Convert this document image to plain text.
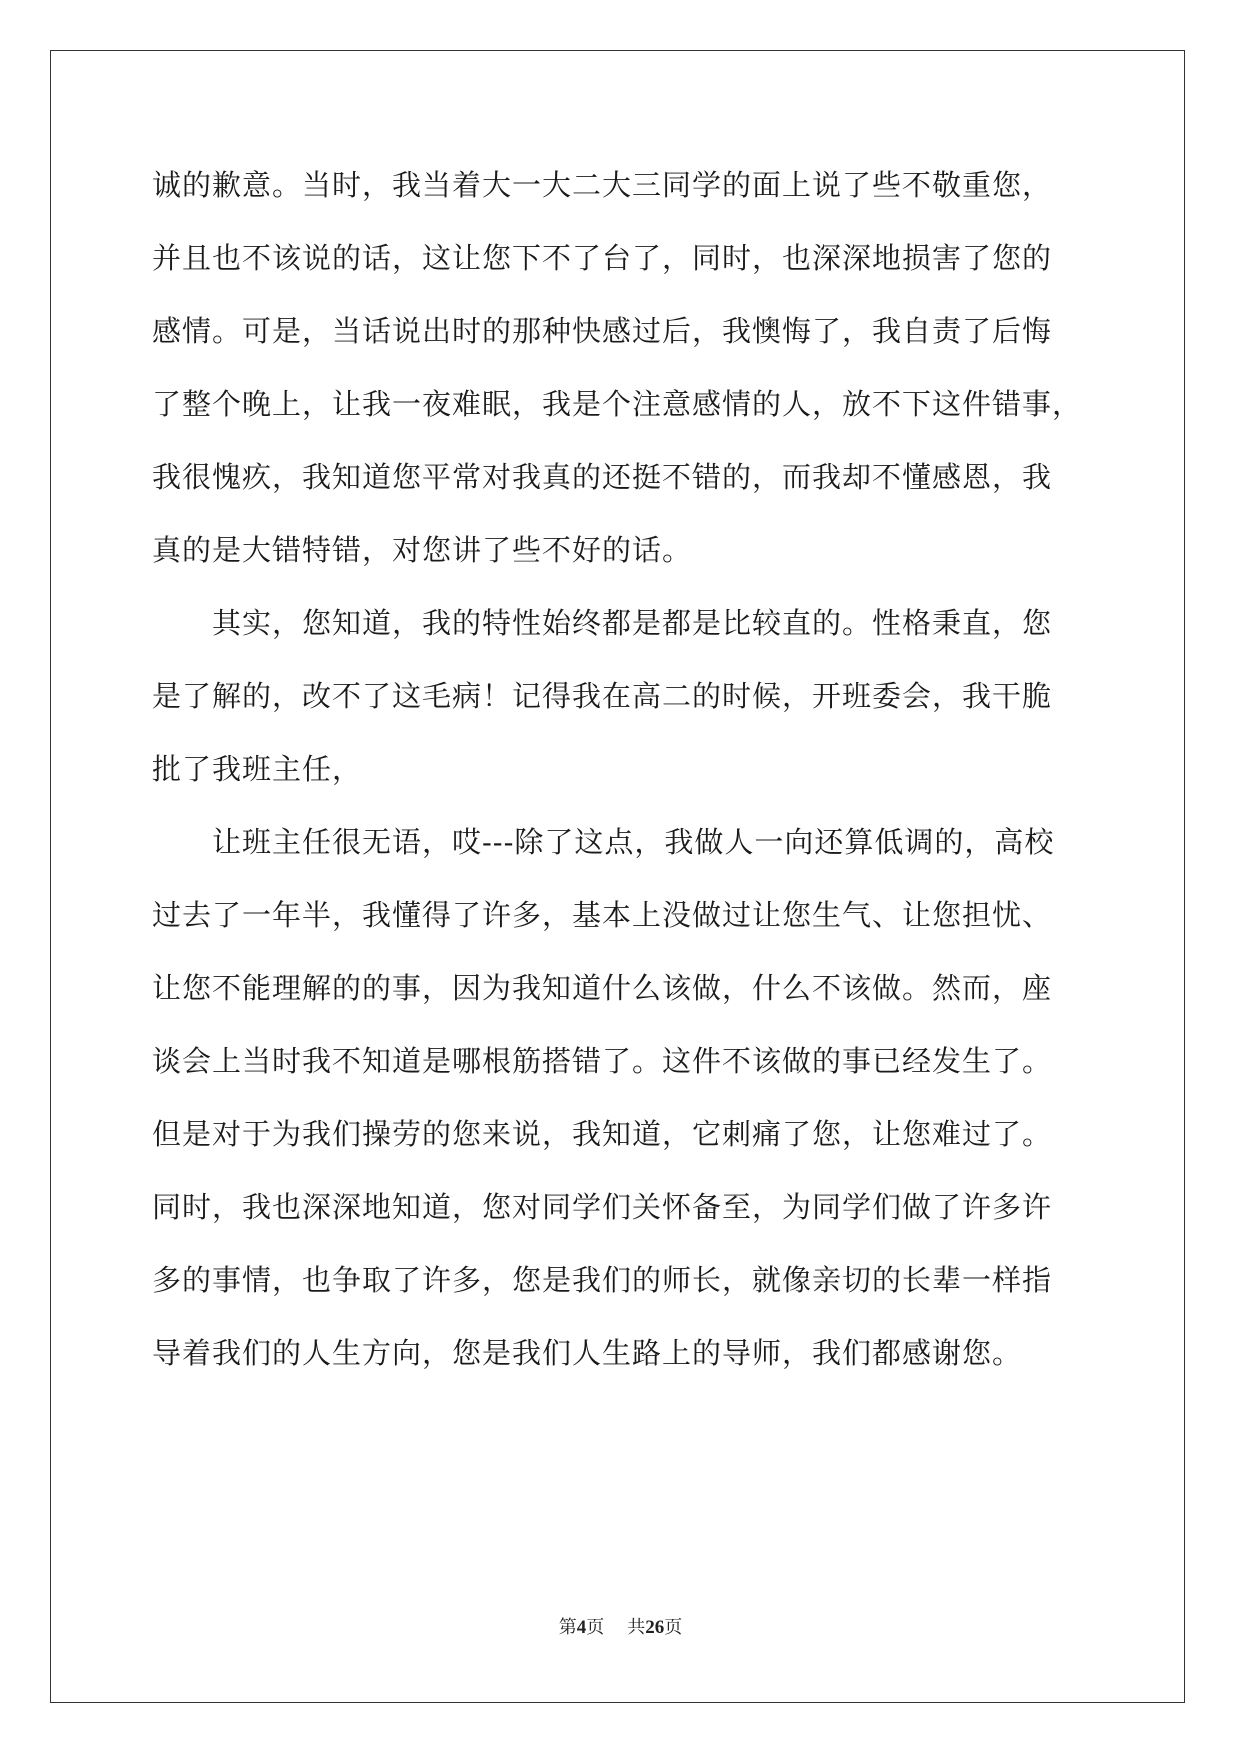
诚的歉意。当时，我当着大一大二大三同学的面上说了些不敬重您，
并且也不该说的话，这让您下不了台了，同时，也深深地损害了您的
感情。可是，当话说出时的那种快感过后，我懊悔了，我自责了后悔
了整个晚上，让我一夜难眠，我是个注意感情的人，放不下这件错事，
我很愧疚，我知道您平常对我真的还挺不错的，而我却不懂感恩，我
真的是大错特错，对您讲了些不好的话。
　　其实，您知道，我的特性始终都是都是比较直的。性格秉直，您
是了解的，改不了这毛病！记得我在高二的时候，开班委会，我干脆
批了我班主任，
　　让班主任很无语，哎---除了这点，我做人一向还算低调的，高校
过去了一年半，我懂得了许多，基本上没做过让您生气、让您担忧、
让您不能理解的的事，因为我知道什么该做，什么不该做。然而，座
谈会上当时我不知道是哪根筋搭错了。这件不该做的事已经发生了。
但是对于为我们操劳的您来说，我知道，它刺痛了您，让您难过了。
同时，我也深深地知道，您对同学们关怀备至，为同学们做了许多许
多的事情，也争取了许多，您是我们的师长，就像亲切的长辈一样指
导着我们的人生方向，您是我们人生路上的导师，我们都感谢您。
第4页 共26页
